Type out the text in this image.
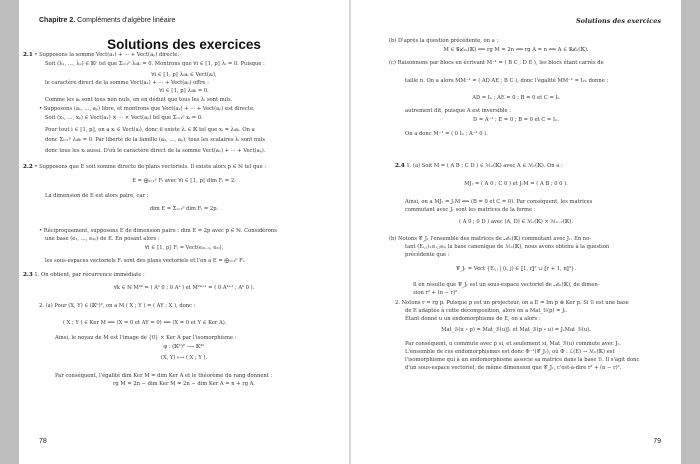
Chapitre 2. Compléments d'algèbre linéaire
Solutions des exercices
2.1 • Supposons la somme Vect(a₁) + ··· + Vect(aₚ) directe.
Soit (λ₁, …, λₚ) ∈ 𝕂ᵖ tel que Σᵢ₌₁ᵖ λᵢaᵢ = 0. Montrons que ∀i ∈ ⟦1, p⟧ λᵢ = 0. Puisque :
∀i ∈ ⟦1, p⟧ λᵢaᵢ ∈ Vect(aᵢ),
le caractère direct de la somme Vect(a₁) + ··· + Vect(aₚ) offre :
∀i ∈ ⟦1, p⟧ λᵢaᵢ = 0.
Comme les aᵢ sont tous non nuls, on en déduit que tous les λᵢ sont nuls.
• Supposons (a₁, …, aₚ) libre, et montrons que Vect(a₁) + ··· + Vect(aₚ) est directe.
Soit (x₁, …, xₚ) ∈ Vect(a₁) × ··· × Vect(aₚ) tel que Σᵢ₌₁ᵖ xᵢ = 0.
Pour tout i ∈ ⟦1, p⟧, on a xᵢ ∈ Vect(aᵢ), donc il existe λᵢ ∈ 𝕂 tel que xᵢ = λᵢaᵢ. On a
donc Σᵢ₌₁ᵖ λᵢaᵢ = 0. Par liberté de la famille (a₁, …, aₚ), tous les scalaires λᵢ sont nuls
donc tous les xᵢ aussi. D'où le caractère direct de la somme Vect(a₁) + ··· + Vect(aₚ).
2.2 • Supposons que E soit somme directe de plans vectoriels. Il existe alors p ∈ ℕ tel que :
E = ⨁ᵢ₌₁ᵖ Fᵢ avec ∀i ∈ ⟦1, p⟧ dim Fᵢ = 2.
La dimension de E est alors paire, car :
dim E = Σᵢ₌₁ᵖ dim Fᵢ = 2p.
• Réciproquement, supposons E de dimension paire : dim E = 2p avec p ∈ ℕ. Considérons
une base (e₁, …, e₂ₚ) de E. En posant alors :
∀i ∈ ⟦1, p⟧ Fᵢ = Vect(e₂ᵢ₋₁, e₂ᵢ),
les sous-espaces vectoriels Fᵢ sont des plans vectoriels et l'on a E = ⨁ᵢ₌₁ᵖ Fᵢ.
2.3 1. On obtient, par récurrence immédiate :
∀k ∈ ℕ M²ᵏ = ( Aᵏ 0 ; 0 Aᵏ ) et M²ᵏ⁺¹ = ( 0 Aᵏ⁺¹ ; Aᵏ 0 ).
2. (a) Pour (X, Y) ∈ (𝕂ⁿ)², on a M ( X ; Y ) = ( AY ; X ), donc :
( X ; Y ) ∈ Ker M ⟺ (X = 0 et AY = 0) ⟺ (X = 0 et Y ∈ Ker A).
Ainsi, le noyau de M est l'image de {0} × Ker A par l'isomorphisme :
φ : (𝕂ⁿ)² ⟶ 𝕂²ⁿ
(X, Y) ⟼ ( X ; Y ).
Par conséquent, l'égalité dim Ker M = dim Ker A et le théorème du rang donnent :
rg M = 2n − dim Ker M = 2n − dim Ker A = n + rg A.
78
Solutions des exercices
(b) D'après la question précédente, on a :
M ∈ 𝒢ℒ₂ₙ(𝕂) ⟺ rg M = 2n ⟺ rg A = n ⟺ A ∈ 𝒢ℒₙ(𝕂).
(c) Raisonnons par blocs en écrivant M⁻¹ = ( B C ; D E ), les blocs étant carrés de
taille n. On a alors MM⁻¹ = ( AD AE ; B C ), donc l'égalité MM⁻¹ = I₂ₙ donne :
AD = Iₙ ; AE = 0 ; B = 0 et C = Iₙ
autrement dit, puisque A est inversible :
D = A⁻¹ ; E = 0 ; B = 0 et C = Iₙ.
On a donc M⁻¹ = ( 0 Iₙ ; A⁻¹ 0 ).
2.4 1. (a) Soit M = ( A B ; C D ) ∈ ℳₙ(𝕂) avec A ∈ ℳᵣ(𝕂). On a :
MJᵣ = ( A 0 ; C 0 ) et JᵣM = ( A B ; 0 0 ).
Ainsi, on a MJᵣ = JᵣM ⟺ (B = 0 et C = 0). Par conséquent, les matrices
commutant avec Jᵣ sont les matrices de la forme :
( A 0 ; 0 D ) avec (A, D) ∈ ℳᵣ(𝕂) × ℳₙ₋ᵣ(𝕂).
(b) Notons 𝒞_Jᵣ l'ensemble des matrices de ℳₙ(𝕂) commutant avec Jᵣ. En no-
tant (Eᵢ,ⱼ)₁≤ᵢ,ⱼ≤ₙ la base canonique de ℳₙ(𝕂), nous avons obtenu à la question
précédente que :
𝒞_Jᵣ = Vect {Eᵢ,ⱼ | (i, j) ∈ ⟦1, r⟧² ∪ ⟦r + 1, n⟧²}.
Il en résulte que 𝒞_Jᵣ est un sous-espace vectoriel de ℳₙ(𝕂), de dimen-
sion r² + (n − r)².
2. Notons r = rg p. Puisque p est un projecteur, on a E = Im p ⊕ Ker p. Si ℬ est une base
de E adaptée à cette décomposition, alors on a Mat_ℬ(p) = Jᵣ.
Étant donné u un endomorphisme de E, on a alors :
Mat_ℬ(u ∘ p) = Mat_ℬ(u)Jᵣ et Mat_ℬ(p ∘ u) = JᵣMat_ℬ(u).
Par conséquent, u commute avec p si, et seulement si, Mat_ℬ(u) commute avec Jᵣ.
L'ensemble de ces endomorphismes est donc Φ⁻¹(𝒞_Jᵣ), où Φ : ℒ(E) → ℳₙ(𝕂) est
l'isomorphisme qui à un endomorphisme associe sa matrice dans la base ℬ. Il s'agit donc
d'un sous-espace vectoriel, de même dimension que 𝒞_Jᵣ, c'est-à-dire r² + (n − r)².
79
